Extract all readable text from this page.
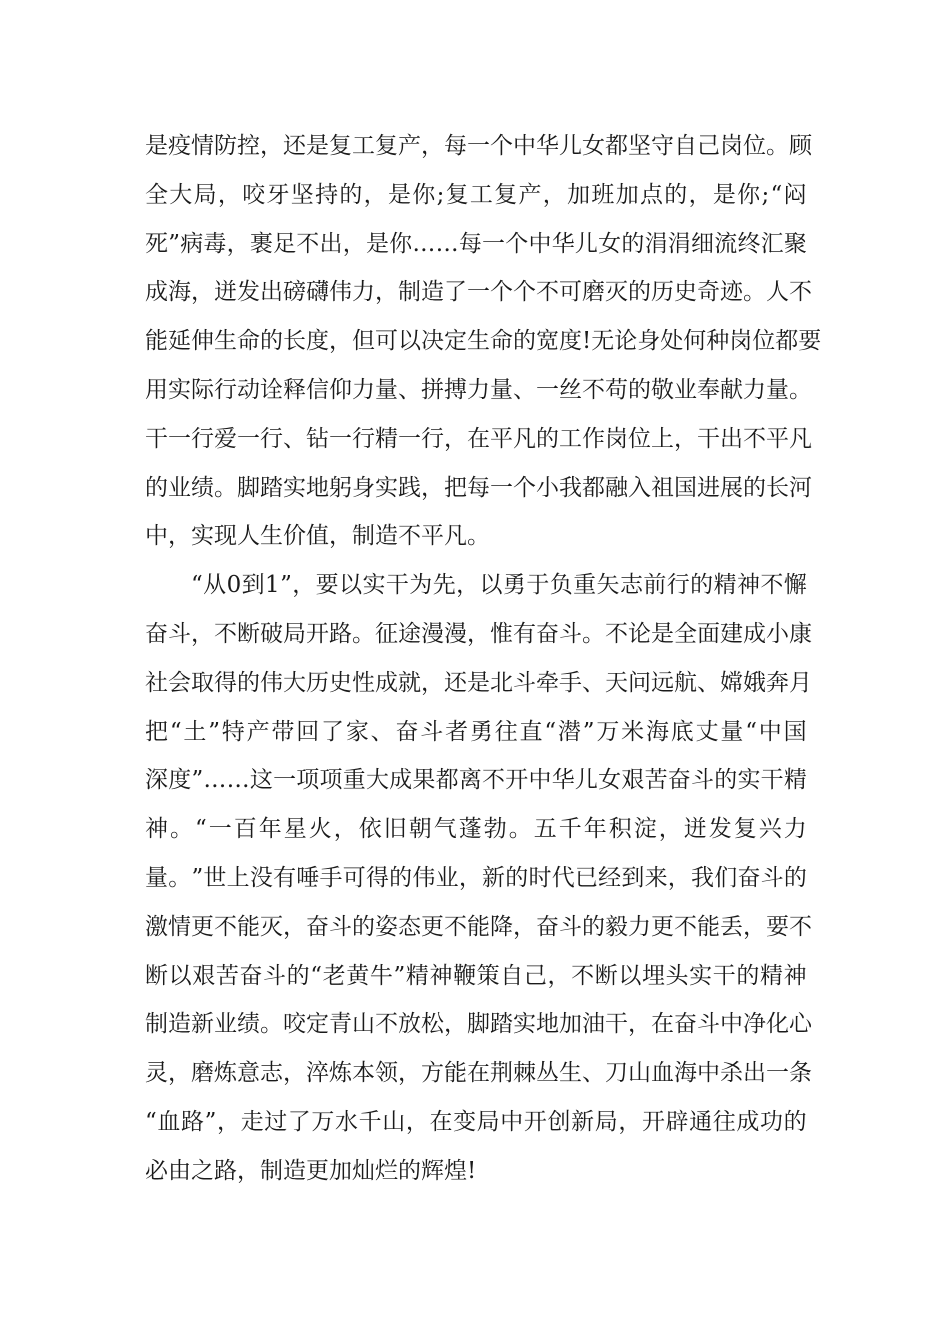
是 疫 情 防 控 ， 还 是 复 工 复 产 ， 每 一 个 中 华 儿 女 都 坚 守 自 己 岗 位 。 顾
全 大 局 ， 咬 牙 坚 持 的 ， 是 你 ; 复 工 复 产 ， 加 班 加 点 的 ， 是 你 ; “ 闷
死 ” 病 毒 ， 裹 足 不 出 ， 是 你 … … 每 一 个 中 华 儿 女 的 涓 涓 细 流 终 汇 聚
成 海 ， 迸 发 出 磅 礴 伟 力 ， 制 造 了 一 个 个 不 可 磨 灭 的 历 史 奇 迹 。 人 不
能 延 伸 生 命 的 长 度 ， 但 可 以 决 定 生 命 的 宽 度 ! 无 论 身 处 何 种 岗 位 都 要
用 实 际 行 动 诠 释 信 仰 力 量 、 拼 搏 力 量 、 一 丝 不 苟 的 敬 业 奉 献 力 量 。
干 一 行 爱 一 行 、 钻 一 行 精 一 行 ， 在 平 凡 的 工 作 岗 位 上 ， 干 出 不 平 凡
的 业 绩 。 脚 踏 实 地 躬 身 实 践 ， 把 每 一 个 小 我 都 融 入 祖 国 进 展 的 长 河
中，实现人生价值，制造不平凡。
“ 从 0 到 1 ” ， 要 以 实 干 为 先 ， 以 勇 于 负 重 矢 志 前 行 的 精 神 不 懈
奋 斗 ， 不 断 破 局 开 路 。 征 途 漫 漫 ， 惟 有 奋 斗 。 不 论 是 全 面 建 成 小 康
社 会 取 得 的 伟 大 历 史 性 成 就 ， 还 是 北 斗 牵 手 、 天 问 远 航 、 嫦 娥 奔 月
把 “ 土 ” 特 产 带 回 了 家 、 奋 斗 者 勇 往 直 “ 潜 ” 万 米 海 底 丈 量 “ 中 国
深 度 ” … … 这 一 项 项 重 大 成 果 都 离 不 开 中 华 儿 女 艰 苦 奋 斗 的 实 干 精
神 。 “ 一 百 年 星 火 ， 依 旧 朝 气 蓬 勃 。 五 千 年 积 淀 ， 迸 发 复 兴 力
量 。 ” 世 上 没 有 唾 手 可 得 的 伟 业 ， 新 的 时 代 已 经 到 来 ， 我 们 奋 斗 的
激 情 更 不 能 灭 ， 奋 斗 的 姿 态 更 不 能 降 ， 奋 斗 的 毅 力 更 不 能 丢 ， 要 不
断 以 艰 苦 奋 斗 的 “ 老 黄 牛 ” 精 神 鞭 策 自 己 ， 不 断 以 埋 头 实 干 的 精 神
制 造 新 业 绩 。 咬 定 青 山 不 放 松 ， 脚 踏 实 地 加 油 干 ， 在 奋 斗 中 净 化 心
灵 ， 磨 炼 意 志 ， 淬 炼 本 领 ， 方 能 在 荆 棘 丛 生 、 刀 山 血 海 中 杀 出 一 条
“ 血 路 ” ， 走 过 了 万 水 千 山 ， 在 变 局 中 开 创 新 局 ， 开 辟 通 往 成 功 的
必由之路，制造更加灿烂的辉煌!
